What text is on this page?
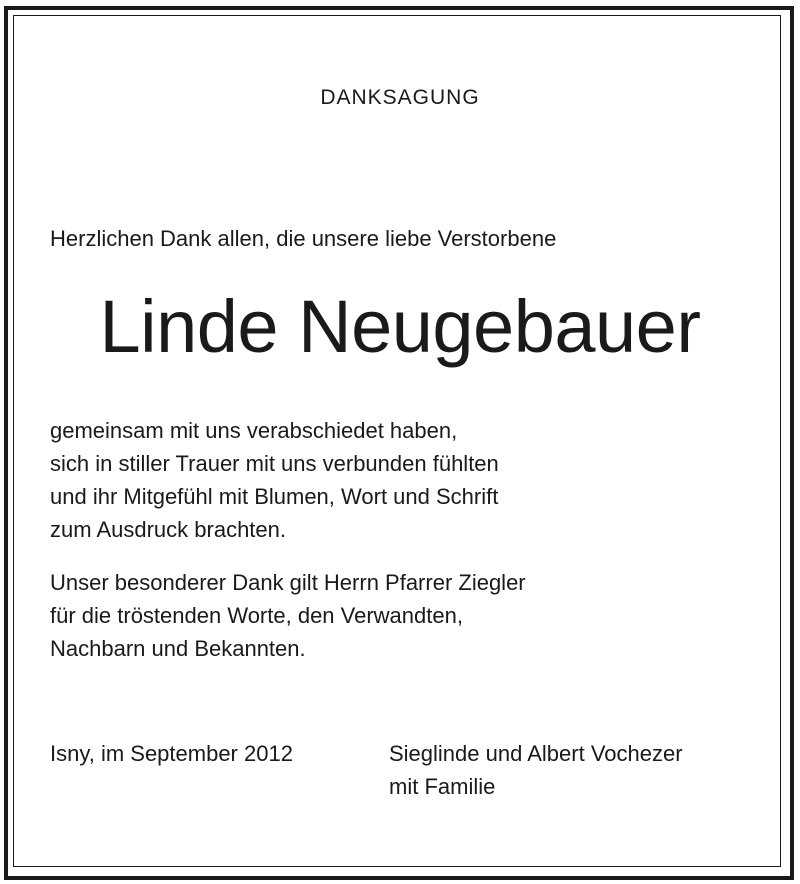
DANKSAGUNG
Herzlichen Dank allen, die unsere liebe Verstorbene
Linde Neugebauer
gemeinsam mit uns verabschiedet haben,
sich in stiller Trauer mit uns verbunden fühlten
und ihr Mitgefühl mit Blumen, Wort und Schrift
zum Ausdruck brachten.
Unser besonderer Dank gilt Herrn Pfarrer Ziegler
für die tröstenden Worte, den Verwandten,
Nachbarn und Bekannten.
Isny, im September 2012	Sieglinde und Albert Vochezer
mit Familie
